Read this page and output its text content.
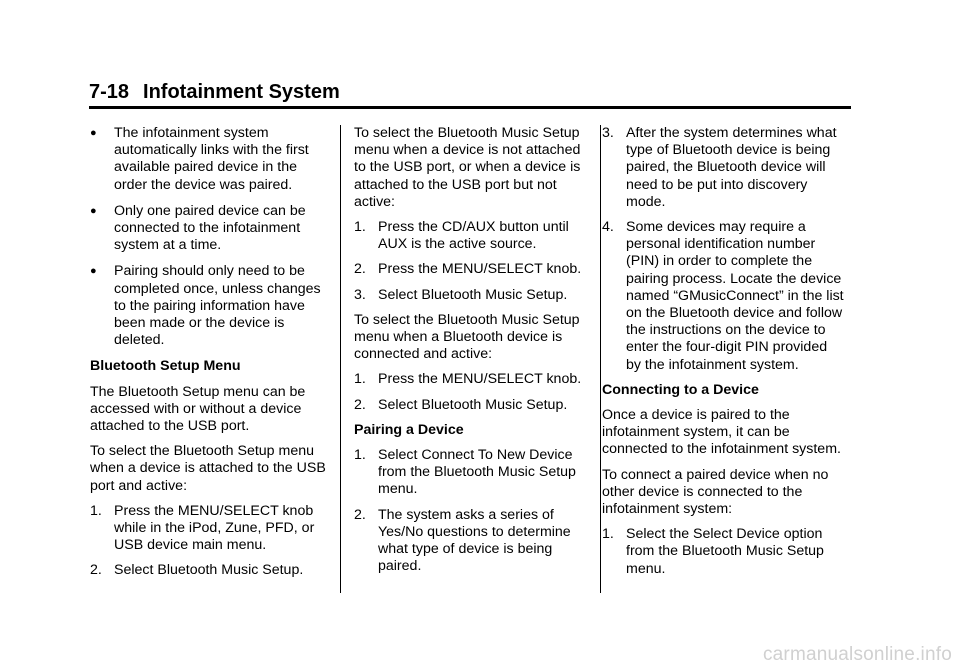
7-18 Infotainment System
● The infotainment system automatically links with the first available paired device in the order the device was paired.
● Only one paired device can be connected to the infotainment system at a time.
● Pairing should only need to be completed once, unless changes to the pairing information have been made or the device is deleted.
Bluetooth Setup Menu
The Bluetooth Setup menu can be accessed with or without a device attached to the USB port.
To select the Bluetooth Setup menu when a device is attached to the USB port and active:
1. Press the MENU/SELECT knob while in the iPod, Zune, PFD, or USB device main menu.
2. Select Bluetooth Music Setup.
To select the Bluetooth Music Setup menu when a device is not attached to the USB port, or when a device is attached to the USB port but not active:
1. Press the CD/AUX button until AUX is the active source.
2. Press the MENU/SELECT knob.
3. Select Bluetooth Music Setup.
To select the Bluetooth Music Setup menu when a Bluetooth device is connected and active:
1. Press the MENU/SELECT knob.
2. Select Bluetooth Music Setup.
Pairing a Device
1. Select Connect To New Device from the Bluetooth Music Setup menu.
2. The system asks a series of Yes/No questions to determine what type of device is being paired.
3. After the system determines what type of Bluetooth device is being paired, the Bluetooth device will need to be put into discovery mode.
4. Some devices may require a personal identification number (PIN) in order to complete the pairing process. Locate the device named “GMusicConnect” in the list on the Bluetooth device and follow the instructions on the device to enter the four-digit PIN provided by the infotainment system.
Connecting to a Device
Once a device is paired to the infotainment system, it can be connected to the infotainment system.
To connect a paired device when no other device is connected to the infotainment system:
1. Select the Select Device option from the Bluetooth Music Setup menu.
carmanualsonline.info
